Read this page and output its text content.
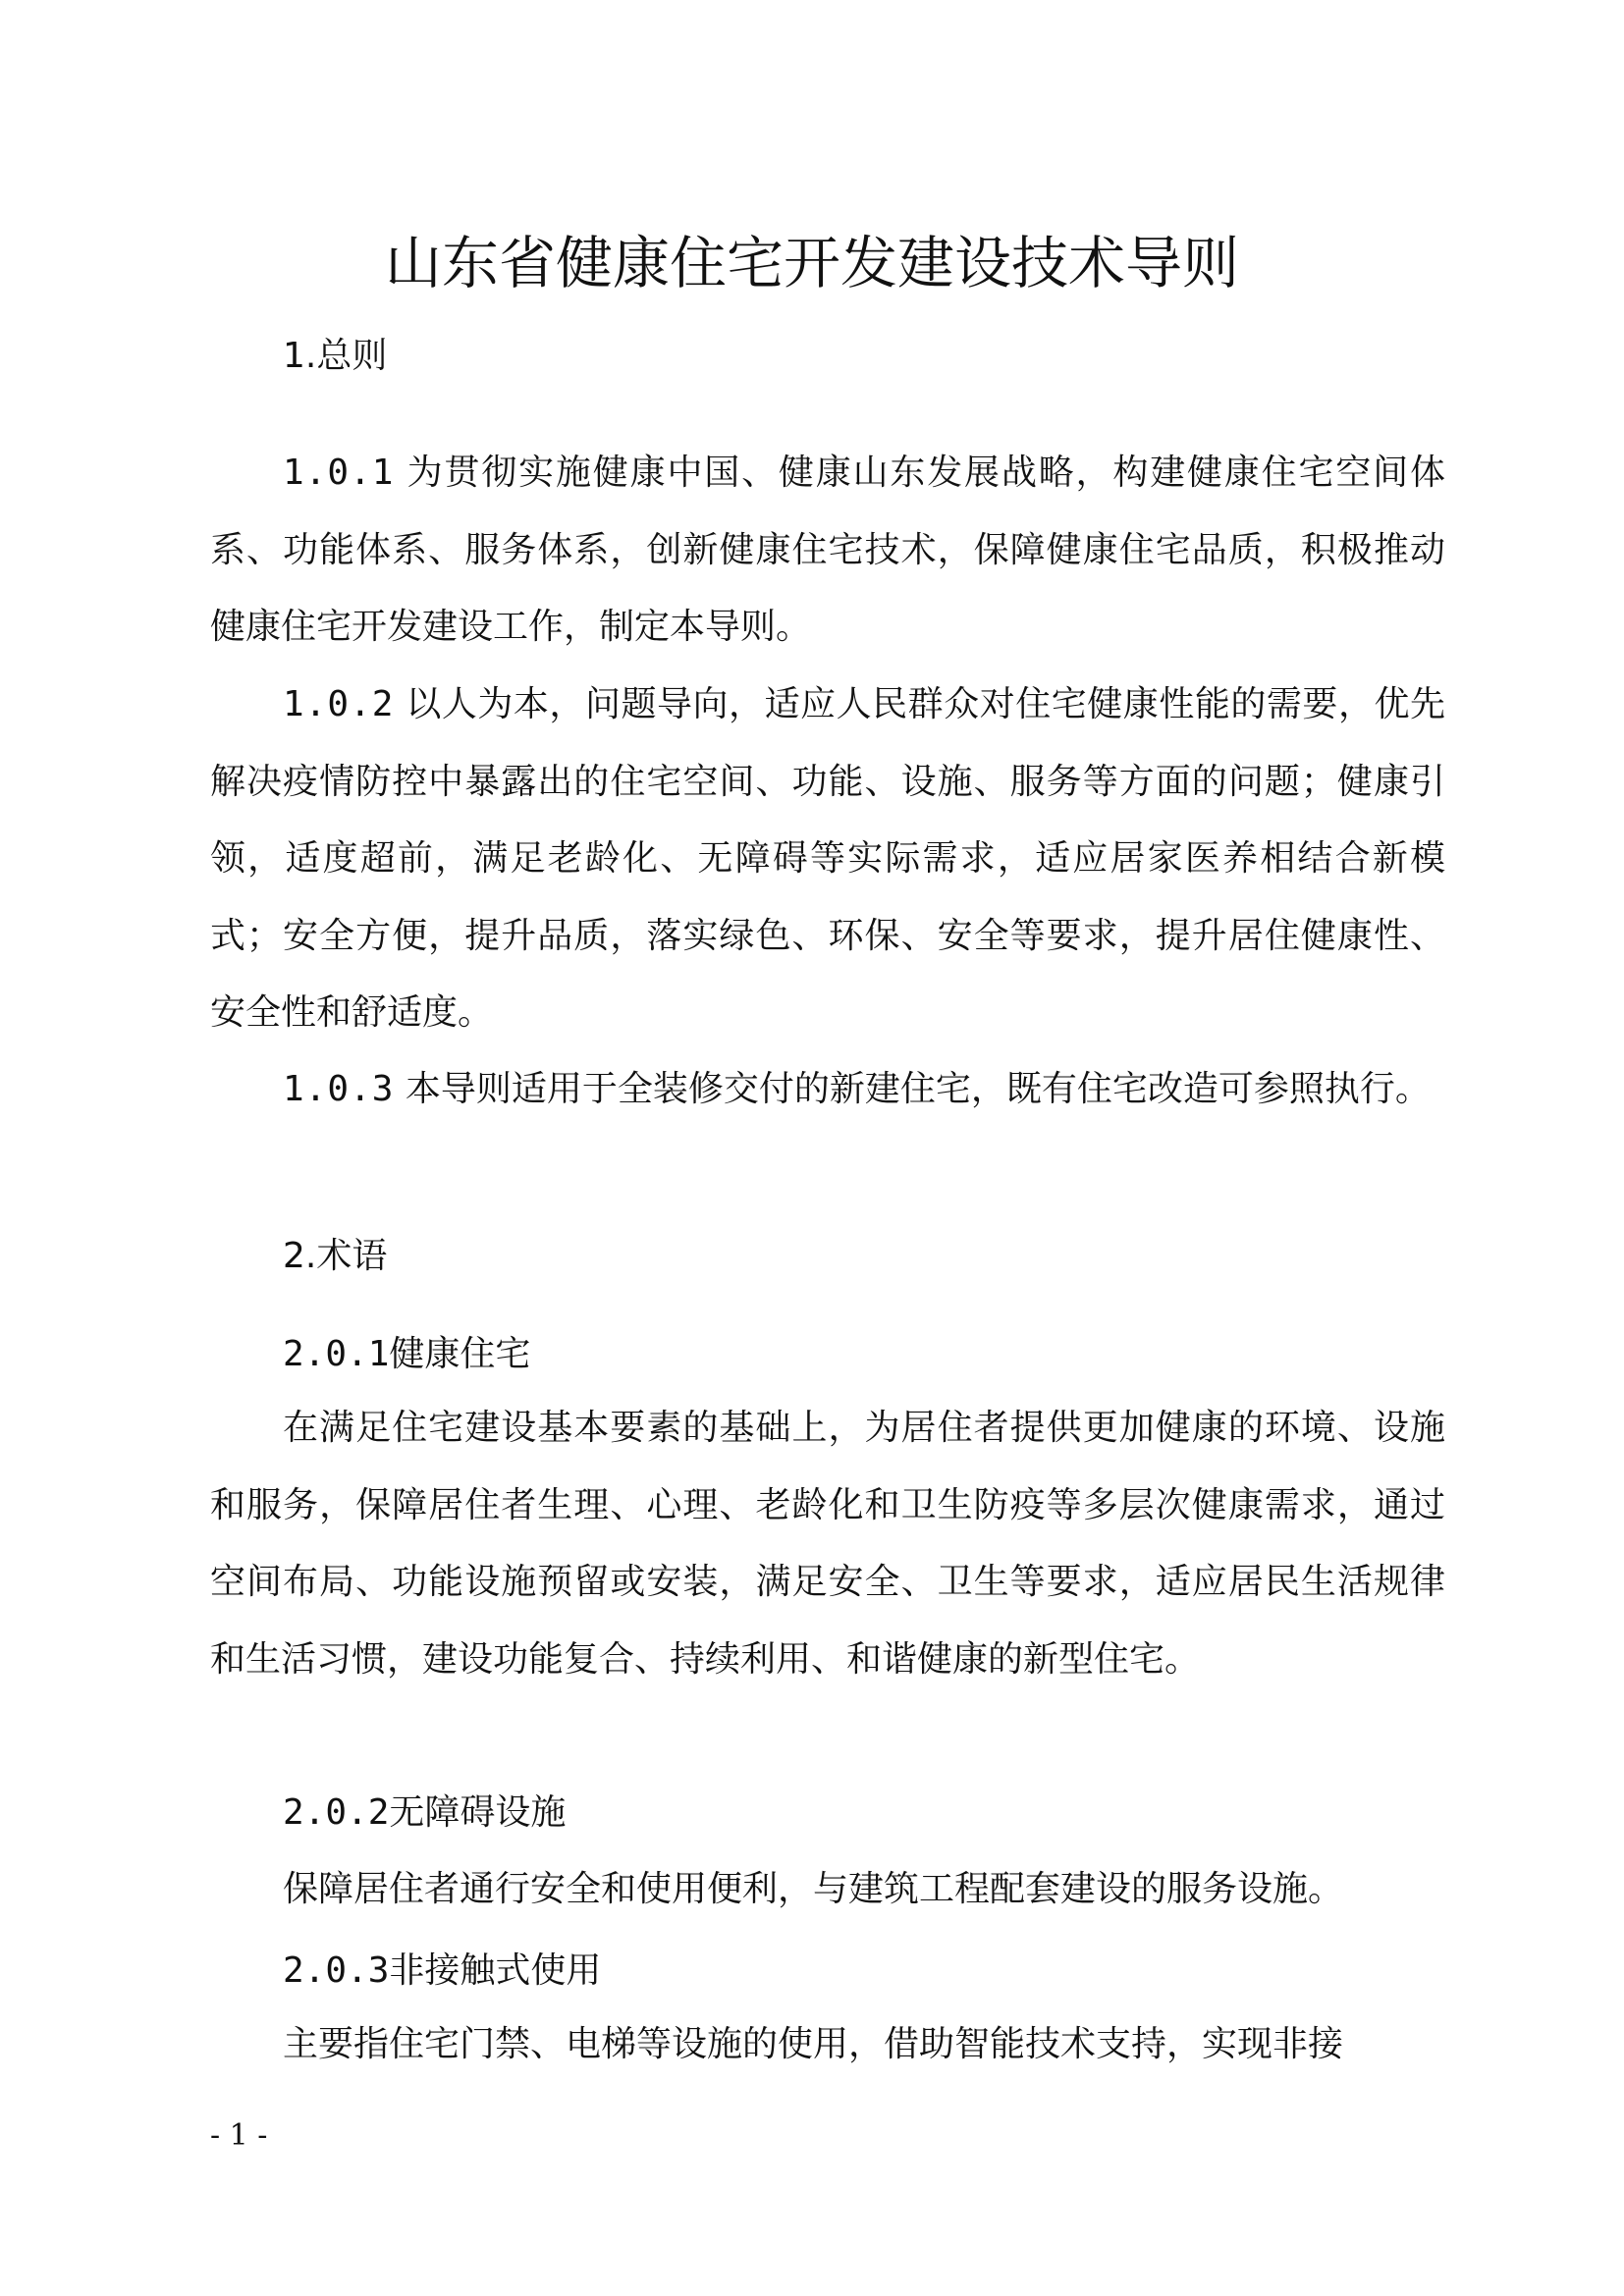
山东省健康住宅开发建设技术导则
1.总则
1.0.1 为贯彻实施健康中国、健康山东发展战略，构建健康住宅空间体系、功能体系、服务体系，创新健康住宅技术，保障健康住宅品质，积极推动健康住宅开发建设工作，制定本导则。
1.0.2 以人为本，问题导向，适应人民群众对住宅健康性能的需要，优先解决疫情防控中暴露出的住宅空间、功能、设施、服务等方面的问题；健康引领，适度超前，满足老龄化、无障碍等实际需求，适应居家医养相结合新模式；安全方便，提升品质，落实绿色、环保、安全等要求，提升居住健康性、安全性和舒适度。
1.0.3 本导则适用于全装修交付的新建住宅，既有住宅改造可参照执行。
2.术语
2.0.1健康住宅
在满足住宅建设基本要素的基础上，为居住者提供更加健康的环境、设施和服务，保障居住者生理、心理、老龄化和卫生防疫等多层次健康需求，通过空间布局、功能设施预留或安装，满足安全、卫生等要求，适应居民生活规律和生活习惯，建设功能复合、持续利用、和谐健康的新型住宅。
2.0.2无障碍设施
保障居住者通行安全和使用便利，与建筑工程配套建设的服务设施。
2.0.3非接触式使用
主要指住宅门禁、电梯等设施的使用，借助智能技术支持，实现非接
- 1 -
